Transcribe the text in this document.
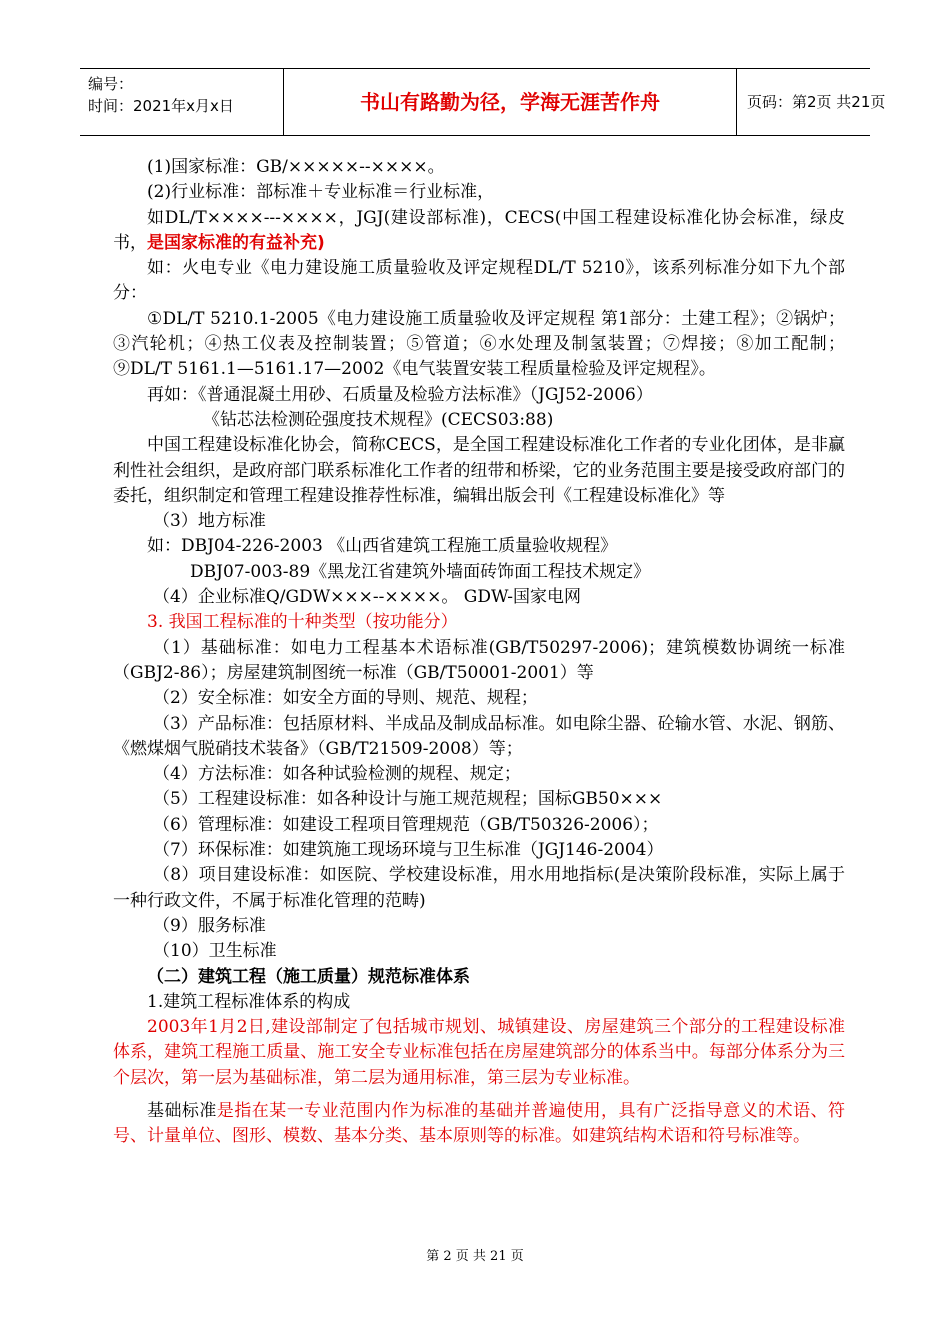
编号：
时间：2021年x月x日	书山有路勤为径，学海无涯苦作舟	页码：第2页 共21页

(1)国家标准：GB/×××××--××××。

(2)行业标准：部标准＋专业标准＝行业标准，

如DL/T××××---××××，JGJ(建设部标准)，CECS(中国工程建设标准化协会标准，绿皮书，是国家标准的有益补充)

如：火电专业《电力建设施工质量验收及评定规程DL/T 5210》，该系列标准分如下九个部分：

①DL/T 5210.1-2005《电力建设施工质量验收及评定规程 第1部分：土建工程》；②锅炉；③汽轮机；④热工仪表及控制装置；⑤管道；⑥水处理及制氢装置；⑦焊接；⑧加工配制；⑨DL/T 5161.1—5161.17—2002《电气装置安装工程质量检验及评定规程》。

再如：《普通混凝土用砂、石质量及检验方法标准》（JGJ52-2006）

《钻芯法检测砼强度技术规程》(CECS03:88)

中国工程建设标准化协会，简称CECS，是全国工程建设标准化工作者的专业化团体，是非赢利性社会组织，是政府部门联系标准化工作者的纽带和桥梁，它的业务范围主要是接受政府部门的委托，组织制定和管理工程建设推荐性标准，编辑出版会刊《工程建设标准化》等

（3）地方标准

如：DBJ04-226-2003 《山西省建筑工程施工质量验收规程》

DBJ07-003-89《黑龙江省建筑外墙面砖饰面工程技术规定》

（4）企业标准Q/GDW×××--××××。 GDW-国家电网

3. 我国工程标准的十种类型（按功能分）

（1）基础标准：如电力工程基本术语标准(GB/T50297-2006)；建筑模数协调统一标准（GBJ2-86）；房屋建筑制图统一标准（GB/T50001-2001）等

（2）安全标准：如安全方面的导则、规范、规程；

（3）产品标准：包括原材料、半成品及制成品标准。如电除尘器、砼输水管、水泥、钢筋、《燃煤烟气脱硝技术装备》（GB/T21509-2008）等；

（4）方法标准：如各种试验检测的规程、规定；

（5）工程建设标准：如各种设计与施工规范规程；国标GB50×××

（6）管理标准：如建设工程项目管理规范（GB/T50326-2006）；

（7）环保标准：如建筑施工现场环境与卫生标准（JGJ146-2004）

（8）项目建设标准：如医院、学校建设标准，用水用地指标(是决策阶段标准，实际上属于一种行政文件，不属于标准化管理的范畴)

（9）服务标准

（10）卫生标准

（二）建筑工程（施工质量）规范标准体系

1.建筑工程标准体系的构成

2003年1月2日,建设部制定了包括城市规划、城镇建设、房屋建筑三个部分的工程建设标准体系，建筑工程施工质量、施工安全专业标准包括在房屋建筑部分的体系当中。每部分体系分为三个层次，第一层为基础标准，第二层为通用标准，第三层为专业标准。

基础标准是指在某一专业范围内作为标准的基础并普遍使用，具有广泛指导意义的术语、符号、计量单位、图形、模数、基本分类、基本原则等的标准。如建筑结构术语和符号标准等。

第 2 页 共 21 页
